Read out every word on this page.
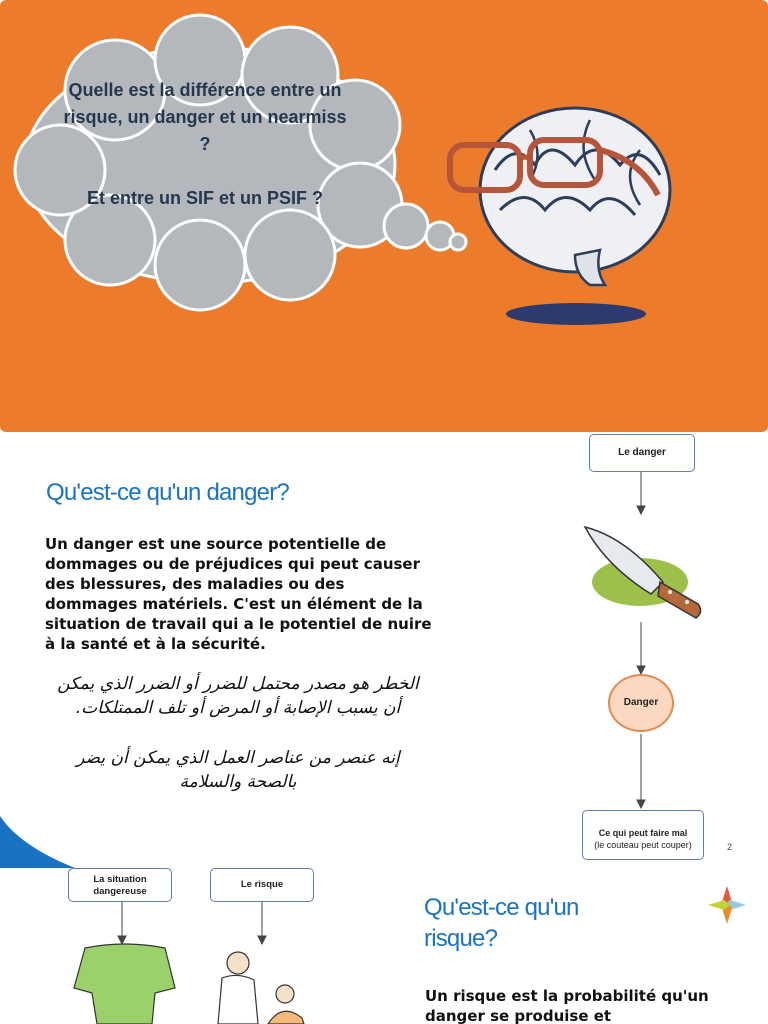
Quelle est la différence entre un risque, un danger et un nearmiss ?
Et entre un SIF et un PSIF ?
Qu'est-ce qu'un danger?
Un danger est une source potentielle de dommages ou de préjudices qui peut causer des blessures, des maladies ou des dommages matériels. C'est un élément de la situation de travail qui a le potentiel de nuire à la santé et à la sécurité.
الخطر هو مصدر محتمل للضرر أو الضرر الذي يمكن أن يسبب الإصابة أو المرض أو تلف الممتلكات.
إنه عنصر من عناصر العمل الذي يمكن أن يضر بالصحة والسلامة
Le danger
Danger
Ce qui peut faire mal
(le couteau peut couper)	2
La situation dangereuse
Le risque
Qu'est-ce qu'un risque?
Un risque est la probabilité qu'un danger se produise et
